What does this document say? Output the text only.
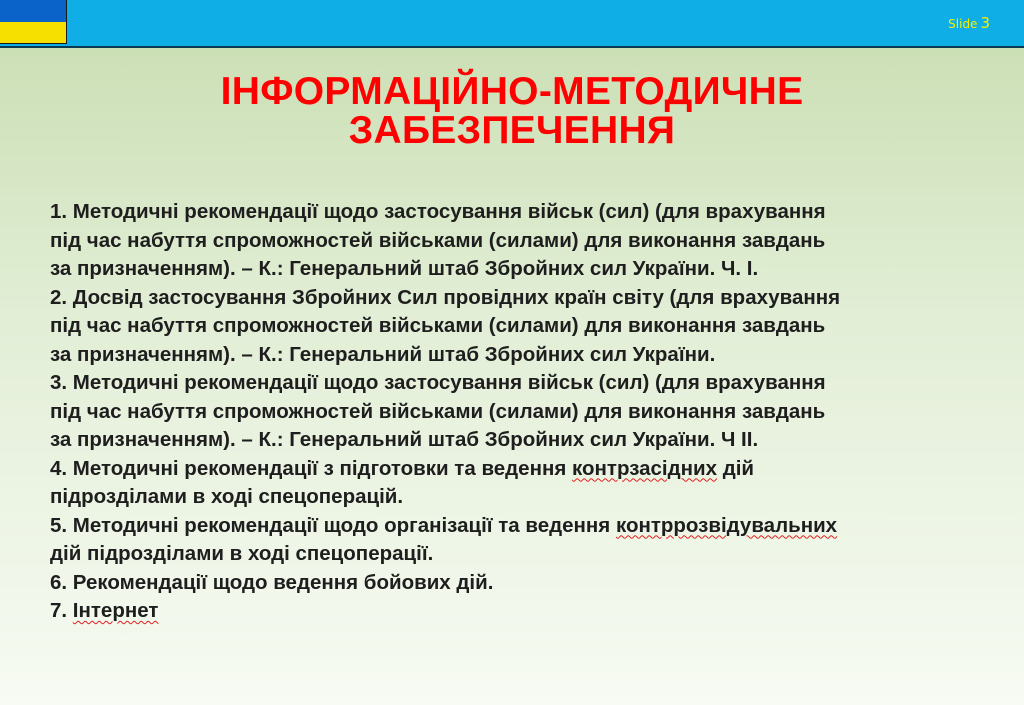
Slide 3
ІНФОРМАЦІЙНО-МЕТОДИЧНЕ
ЗАБЕЗПЕЧЕННЯ
1. Методичні рекомендації щодо застосування військ (сил) (для врахування
під час набуття спроможностей військами (силами) для виконання завдань
за призначенням). – К.: Генеральний штаб Збройних сил України. Ч. І.
2. Досвід застосування Збройних Сил провідних країн світу (для врахування
під час набуття спроможностей військами (силами) для виконання завдань
за призначенням). – К.: Генеральний штаб Збройних сил України.
3. Методичні рекомендації щодо застосування військ (сил) (для врахування
під час набуття спроможностей військами (силами) для виконання завдань
за призначенням). – К.: Генеральний штаб Збройних сил України. Ч ІІ.
4. Методичні рекомендації з підготовки та ведення контрзасідних дій
підрозділами в ході спецоперацій.
5. Методичні рекомендації щодо організації та ведення контррозвідувальних
дій підрозділами в ході спецоперації.
6. Рекомендації щодо ведення бойових дій.
7. Інтернет
